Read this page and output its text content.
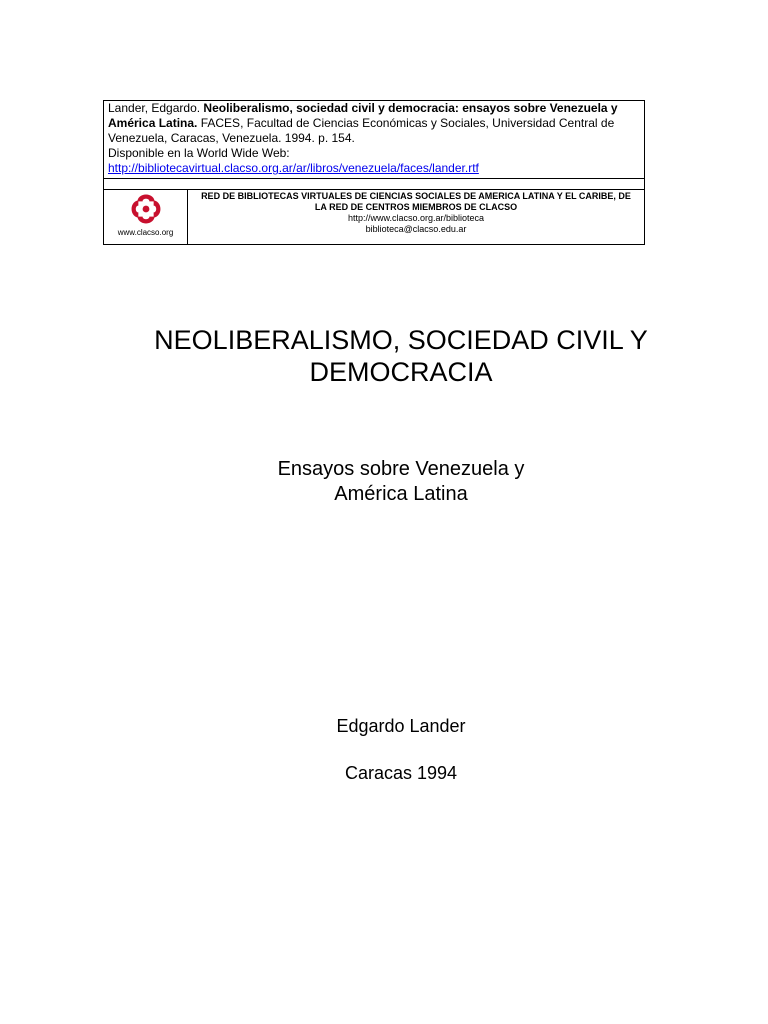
Lander, Edgardo. Neoliberalismo, sociedad civil y democracia: ensayos sobre Venezuela y América Latina. FACES, Facultad de Ciencias Económicas y Sociales, Universidad Central de Venezuela, Caracas, Venezuela. 1994. p. 154.
Disponible en la World Wide Web:
http://bibliotecavirtual.clacso.org.ar/ar/libros/venezuela/faces/lander.rtf
www.clacso.org
RED DE BIBLIOTECAS VIRTUALES DE CIENCIAS SOCIALES DE AMERICA LATINA Y EL CARIBE, DE LA RED DE CENTROS MIEMBROS DE CLACSO
http://www.clacso.org.ar/biblioteca
biblioteca@clacso.edu.ar
NEOLIBERALISMO, SOCIEDAD CIVIL Y
DEMOCRACIA
Ensayos sobre Venezuela y
América Latina
Edgardo Lander
Caracas 1994
